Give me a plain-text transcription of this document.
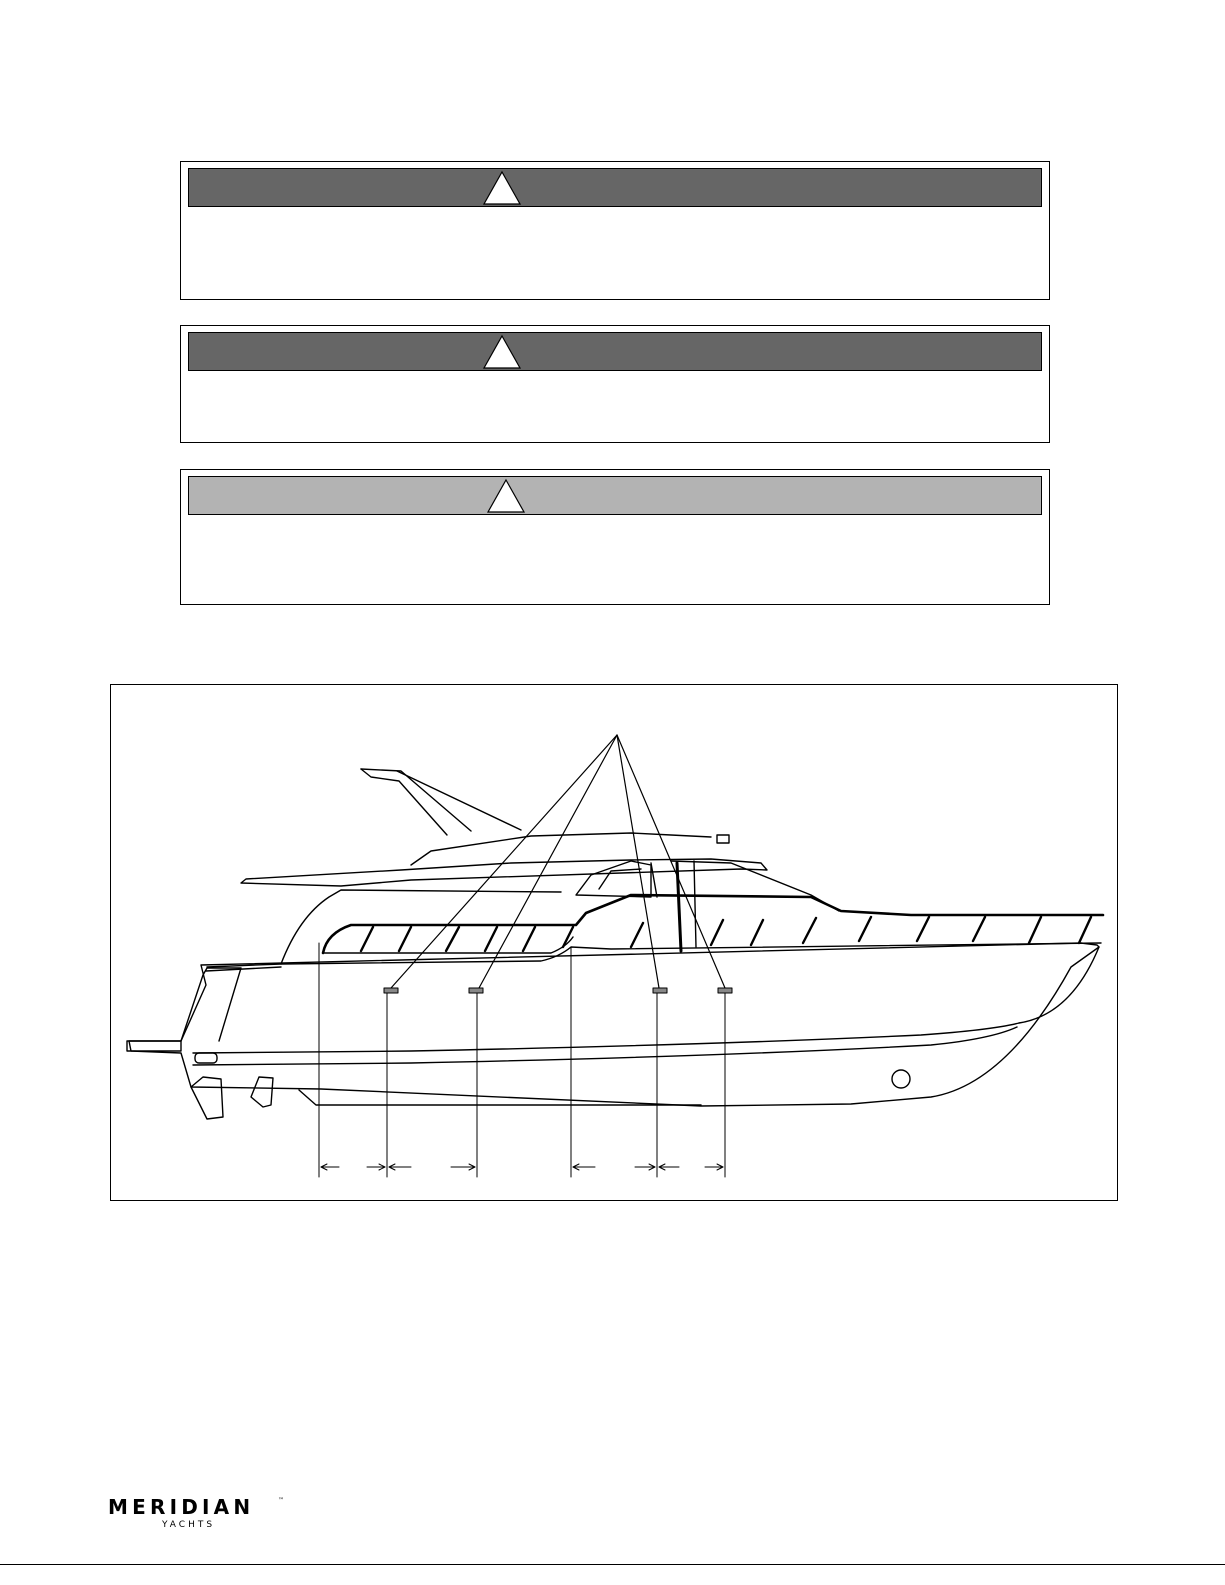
MERIDIAN	™
YACHTS
